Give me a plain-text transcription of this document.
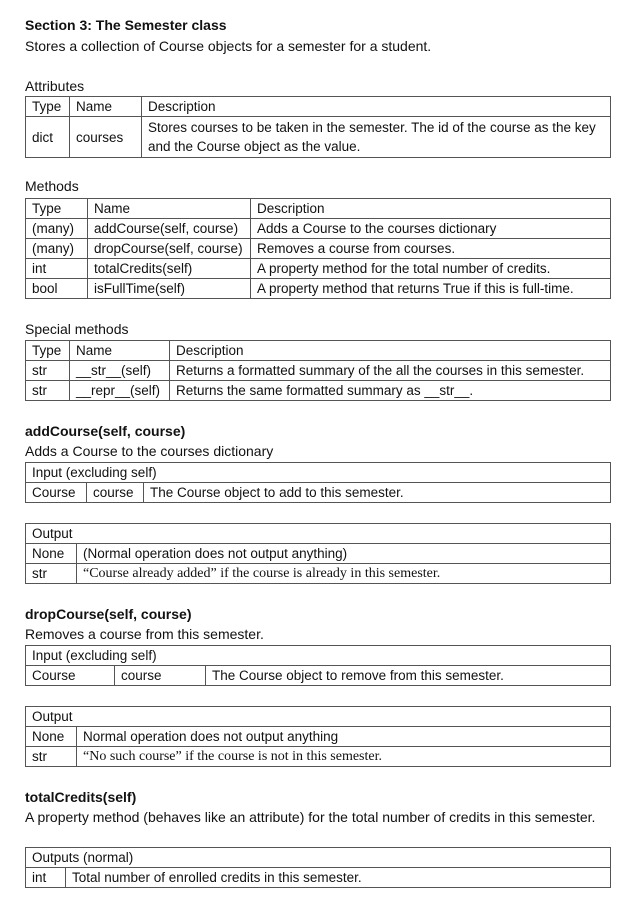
Section 3: The Semester class
Stores a collection of Course objects for a semester for a student.
Attributes
Type	Name	Description
dict	courses	Stores courses to be taken in the semester. The id of the course as the key and the Course object as the value.
Methods
Type	Name	Description
(many)	addCourse(self, course)	Adds a Course to the courses dictionary
(many)	dropCourse(self, course)	Removes a course from courses.
int	totalCredits(self)	A property method for the total number of credits.
bool	isFullTime(self)	A property method that returns True if this is full-time.
Special methods
Type	Name	Description
str	__str__(self)	Returns a formatted summary of the all the courses in this semester.
str	__repr__(self)	Returns the same formatted summary as __str__.
addCourse(self, course)
Adds a Course to the courses dictionary
Input (excluding self)
Course	course	The Course object to add to this semester.
Output	
None	(Normal operation does not output anything)
str	“Course already added” if the course is already in this semester.
dropCourse(self, course)
Removes a course from this semester.
Input (excluding self)
Course	course	The Course object to remove from this semester.
Output	
None	Normal operation does not output anything
str	“No such course” if the course is not in this semester.
totalCredits(self)
A property method (behaves like an attribute) for the total number of credits in this semester.
Outputs (normal)
int	Total number of enrolled credits in this semester.
